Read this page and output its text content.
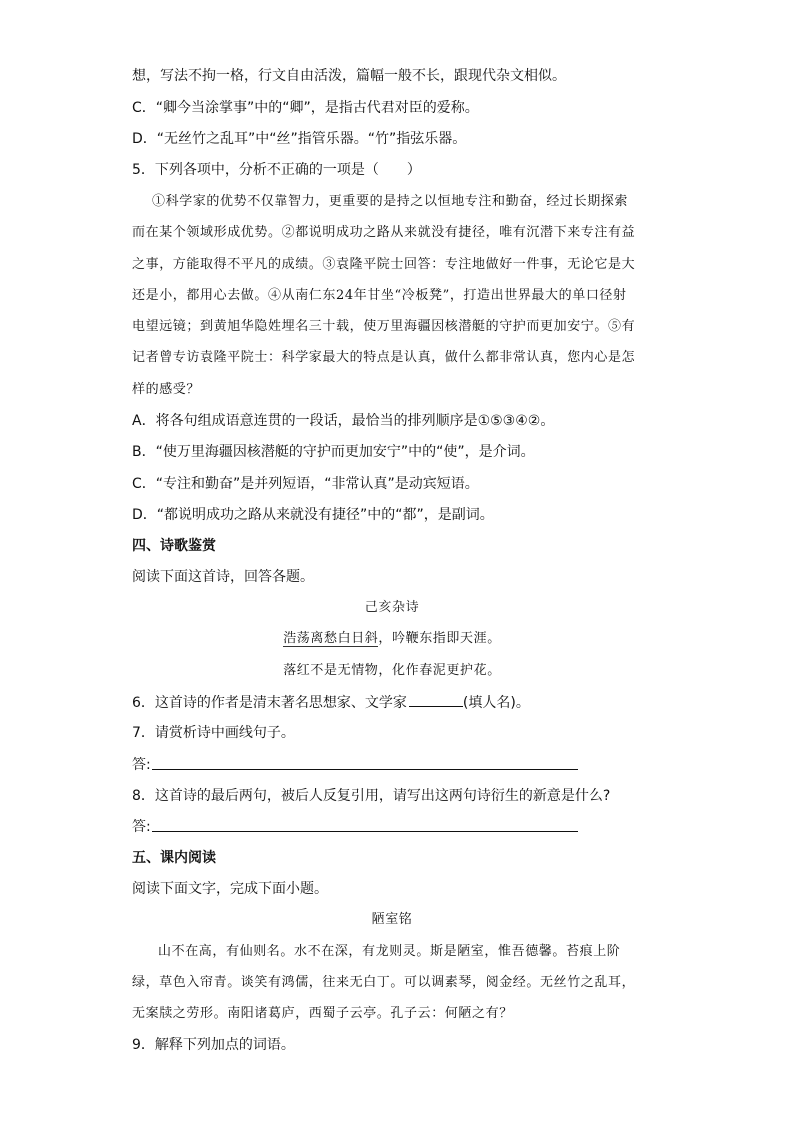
想，写法不拘一格，行文自由活泼，篇幅一般不长，跟现代杂文相似。
C．“卿今当涂掌事”中的“卿”，是指古代君对臣的爱称。
D．“无丝竹之乱耳”中“丝”指管乐器。“竹”指弦乐器。
5．下列各项中，分析不正确的一项是（　　）
①科学家的优势不仅靠智力，更重要的是持之以恒地专注和勤奋，经过长期探索
而在某个领域形成优势。②都说明成功之路从来就没有捷径，唯有沉潜下来专注有益
之事，方能取得不平凡的成绩。③袁隆平院士回答：专注地做好一件事，无论它是大
还是小，都用心去做。④从南仁东24年甘坐“冷板凳”，打造出世界最大的单口径射
电望远镜；到黄旭华隐姓埋名三十载，使万里海疆因核潜艇的守护而更加安宁。⑤有
记者曾专访袁隆平院士：科学家最大的特点是认真，做什么都非常认真，您内心是怎
样的感受？
A．将各句组成语意连贯的一段话，最恰当的排列顺序是①⑤③④②。
B．“使万里海疆因核潜艇的守护而更加安宁”中的“使”，是介词。
C．“专注和勤奋”是并列短语，“非常认真”是动宾短语。
D．“都说明成功之路从来就没有捷径”中的“都”，是副词。
四、诗歌鉴赏
阅读下面这首诗，回答各题。
己亥杂诗
浩荡离愁白日斜，吟鞭东指即天涯。
落红不是无情物，化作春泥更护花。
6．这首诗的作者是清末著名思想家、文学家	(填人名)。
7．请赏析诗中画线句子。
答:
8．这首诗的最后两句，被后人反复引用，请写出这两句诗衍生的新意是什么?
答:
五、课内阅读
阅读下面文字，完成下面小题。
陋室铭
山不在高，有仙则名。水不在深，有龙则灵。斯是陋室，惟吾德馨。苔痕上阶
绿，草色入帘青。谈笑有鸿儒，往来无白丁。可以调素琴，阅金经。无丝竹之乱耳，
无案牍之劳形。南阳诸葛庐，西蜀子云亭。孔子云：何陋之有？
9．解释下列加点的词语。
